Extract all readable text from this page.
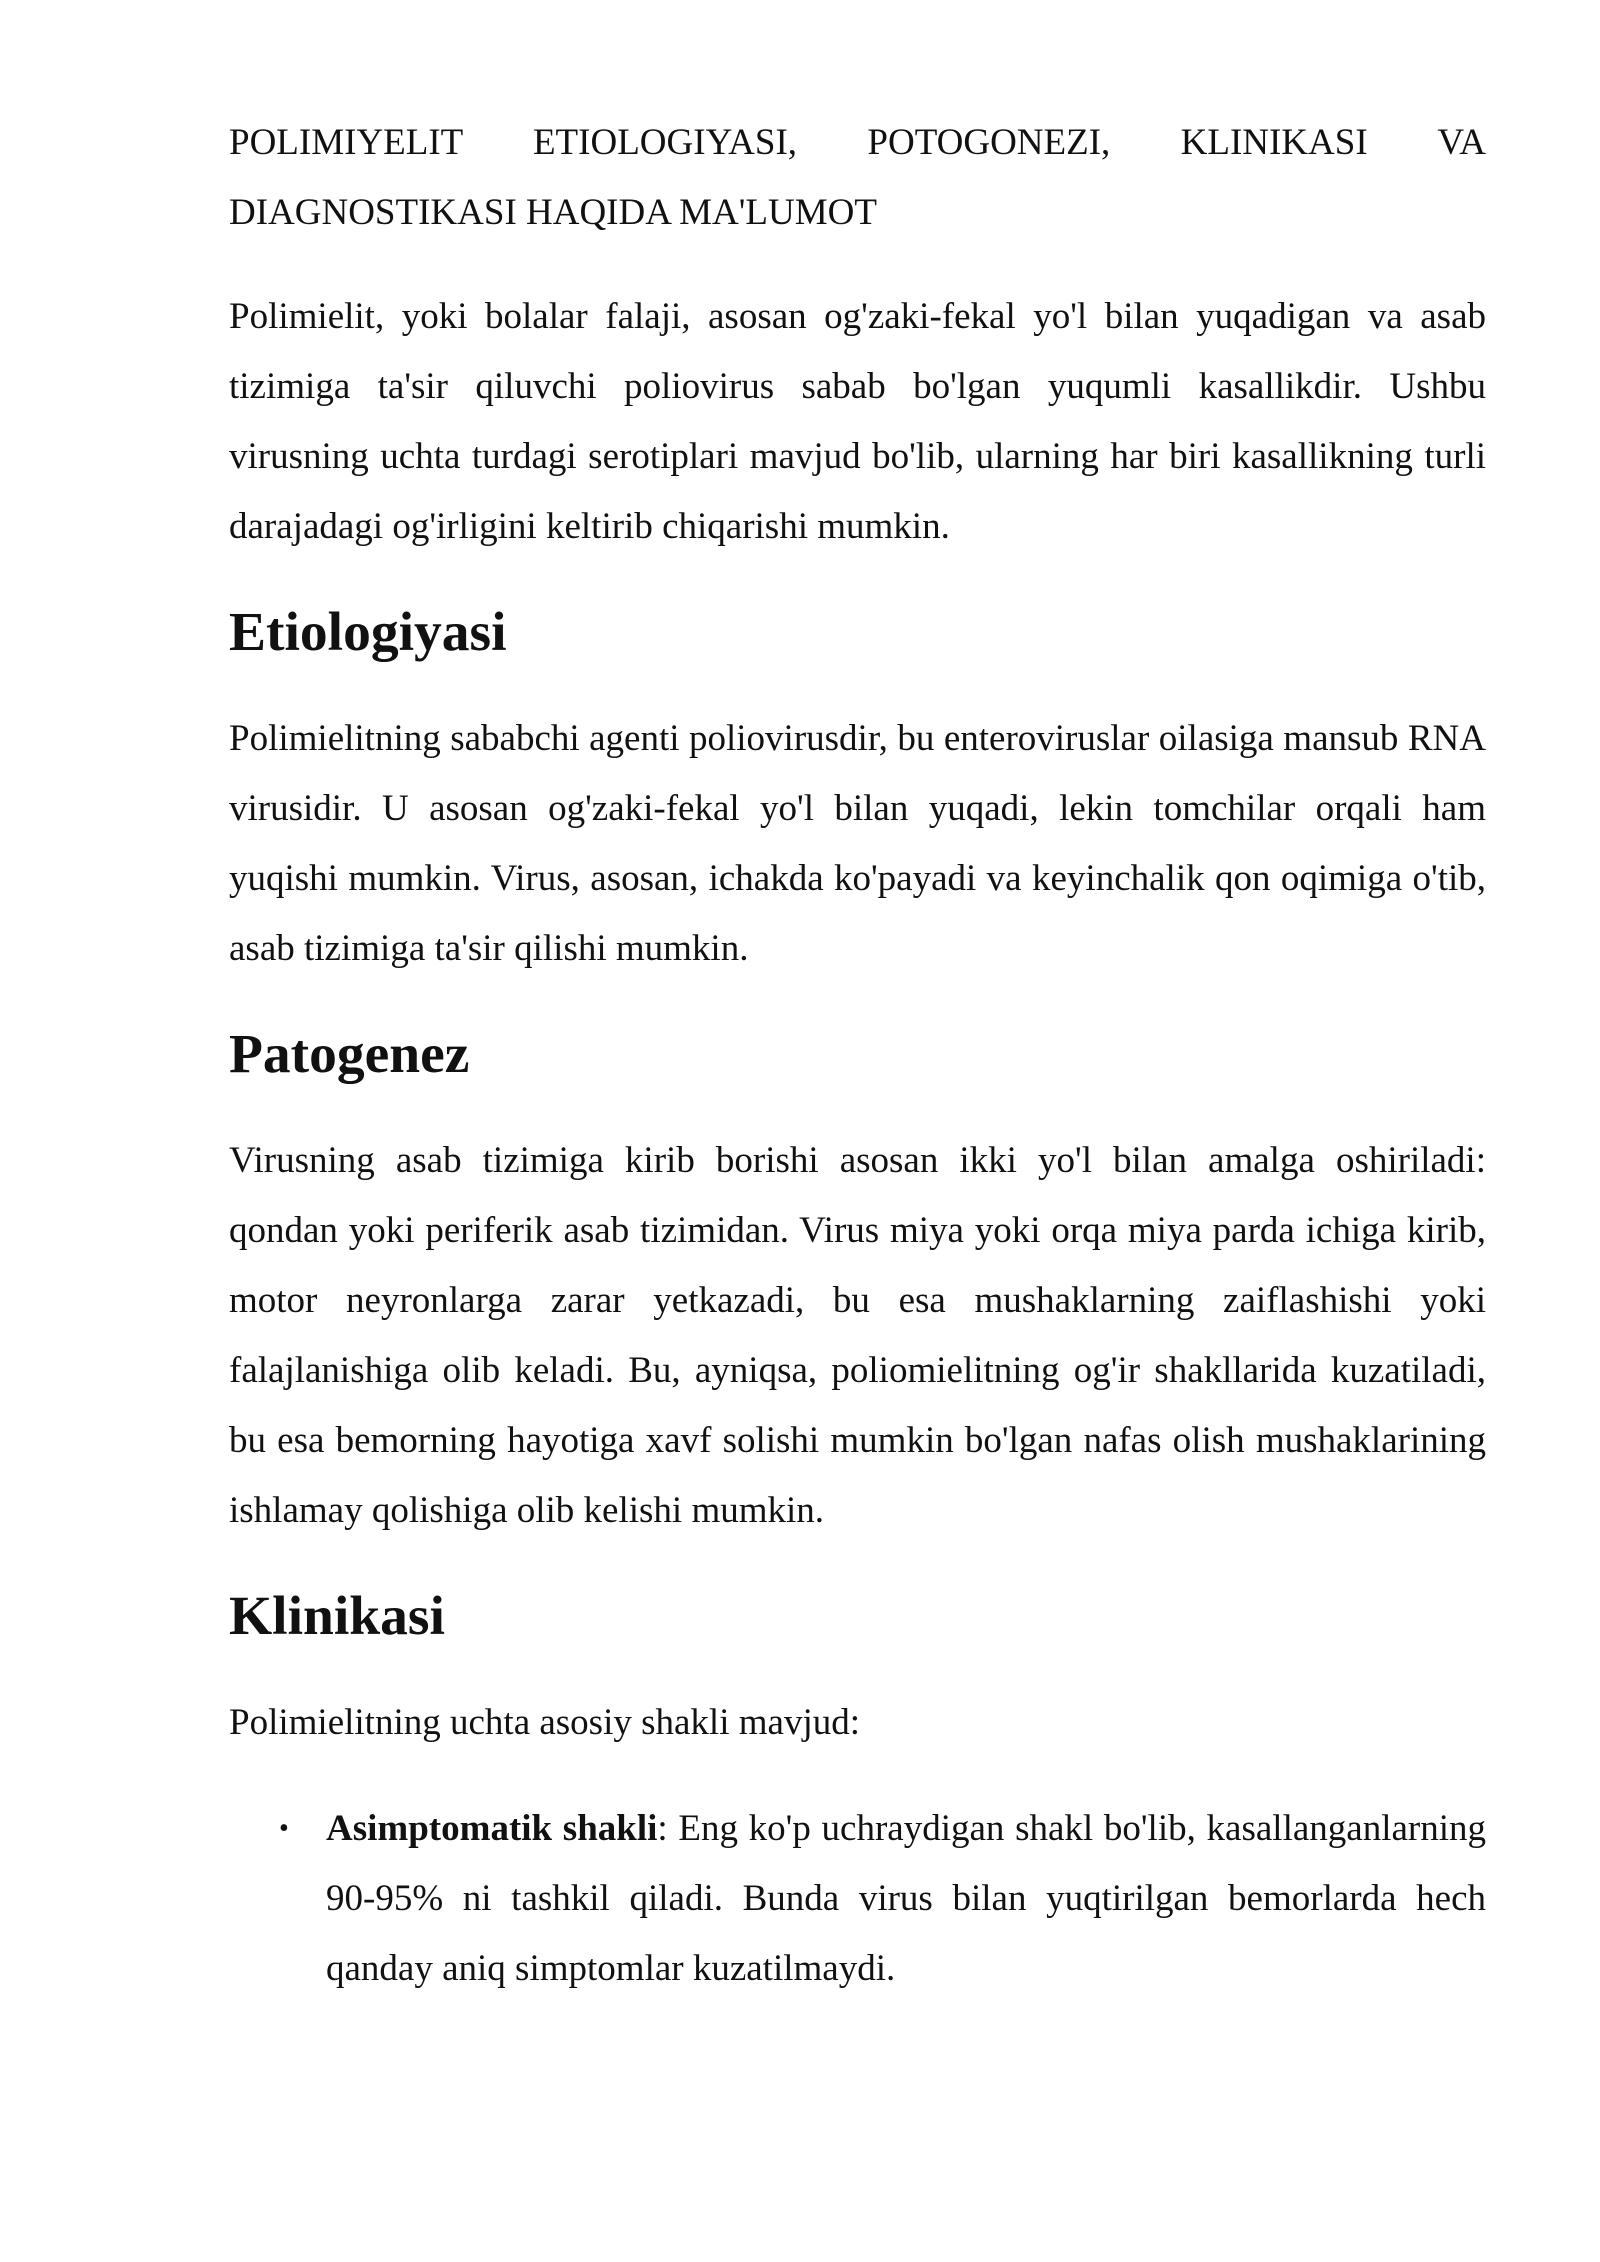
POLIMIYELIT ETIOLOGIYASI, POTOGONEZI, KLINIKASI VA DIAGNOSTIKASI HAQIDA MA'LUMOT

Polimielit, yoki bolalar falaji, asosan og'zaki-fekal yo'l bilan yuqadigan va asab tizimiga ta'sir qiluvchi poliovirus sabab bo'lgan yuqumli kasallikdir. Ushbu virusning uchta turdagi serotiplari mavjud bo'lib, ularning har biri kasallikning turli darajadagi og'irligini keltirib chiqarishi mumkin.

Etiologiyasi

Polimielitning sababchi agenti poliovirusdir, bu enteroviruslar oilasiga mansub RNA virusidir. U asosan og'zaki-fekal yo'l bilan yuqadi, lekin tomchilar orqali ham yuqishi mumkin. Virus, asosan, ichakda ko'payadi va keyinchalik qon oqimiga o'tib, asab tizimiga ta'sir qilishi mumkin.

Patogenez

Virusning asab tizimiga kirib borishi asosan ikki yo'l bilan amalga oshiriladi: qondan yoki periferik asab tizimidan. Virus miya yoki orqa miya parda ichiga kirib, motor neyronlarga zarar yetkazadi, bu esa mushaklarning zaiflashishi yoki falajlanishiga olib keladi. Bu, ayniqsa, poliomielitning og'ir shakllarida kuzatiladi, bu esa bemorning hayotiga xavf solishi mumkin bo'lgan nafas olish mushaklarining ishlamay qolishiga olib kelishi mumkin.

Klinikasi

Polimielitning uchta asosiy shakli mavjud:

• Asimptomatik shakli: Eng ko'p uchraydigan shakl bo'lib, kasallanganlarning 90-95% ni tashkil qiladi. Bunda virus bilan yuqtirilgan bemorlarda hech qanday aniq simptomlar kuzatilmaydi.
